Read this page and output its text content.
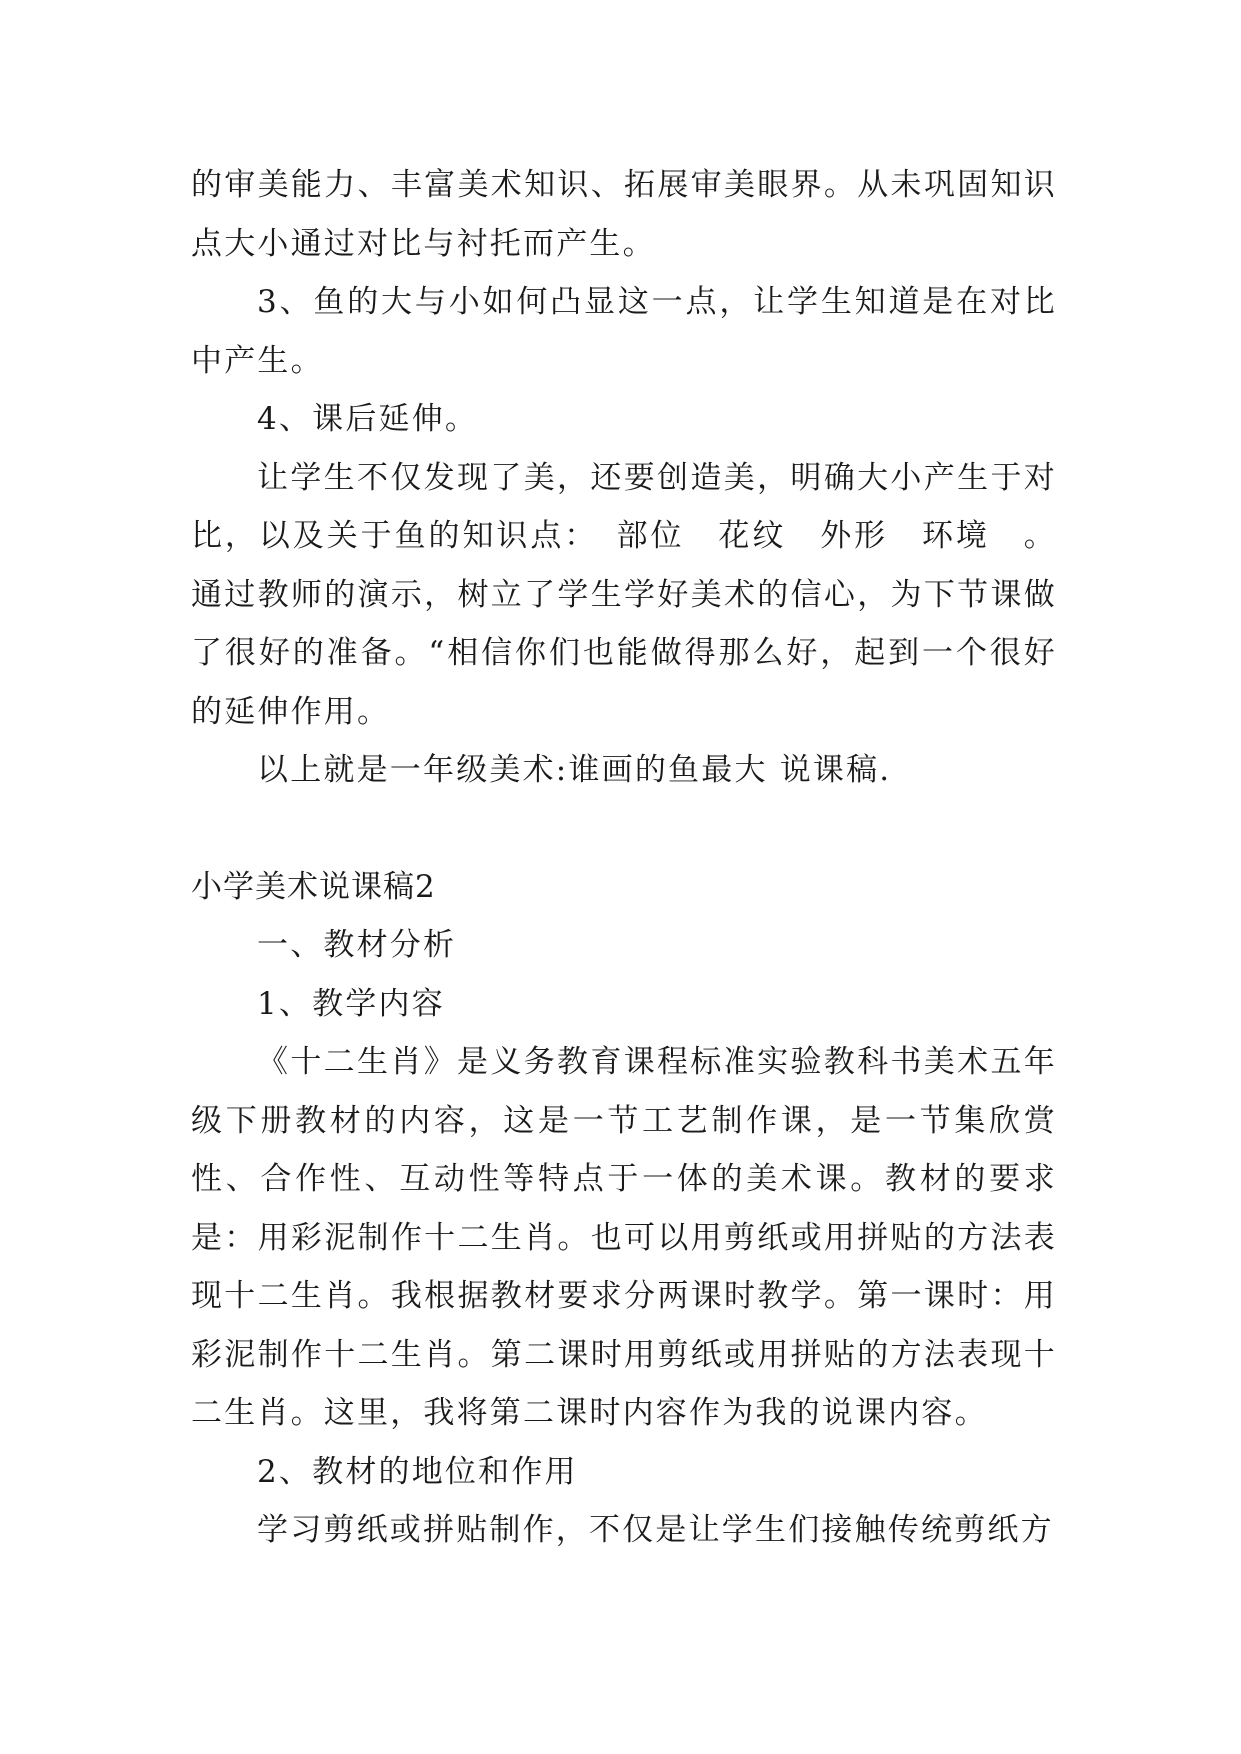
的审美能力、丰富美术知识、拓展审美眼界。从未巩固知识点大小通过对比与衬托而产生。

3、鱼的大与小如何凸显这一点，让学生知道是在对比中产生。

4、课后延伸。

让学生不仅发现了美，还要创造美，明确大小产生于对比，以及关于鱼的知识点：　部位　花纹　外形　环境　。通过教师的演示，树立了学生学好美术的信心，为下节课做了很好的准备。“相信你们也能做得那么好，起到一个很好的延伸作用。

以上就是一年级美术:谁画的鱼最大 说课稿.

小学美术说课稿2

一、教材分析

1、教学内容

《十二生肖》是义务教育课程标准实验教科书美术五年级下册教材的内容，这是一节工艺制作课，是一节集欣赏性、合作性、互动性等特点于一体的美术课。教材的要求是：用彩泥制作十二生肖。也可以用剪纸或用拼贴的方法表现十二生肖。我根据教材要求分两课时教学。第一课时：用彩泥制作十二生肖。第二课时用剪纸或用拼贴的方法表现十二生肖。这里，我将第二课时内容作为我的说课内容。

2、教材的地位和作用

学习剪纸或拼贴制作，不仅是让学生们接触传统剪纸方
